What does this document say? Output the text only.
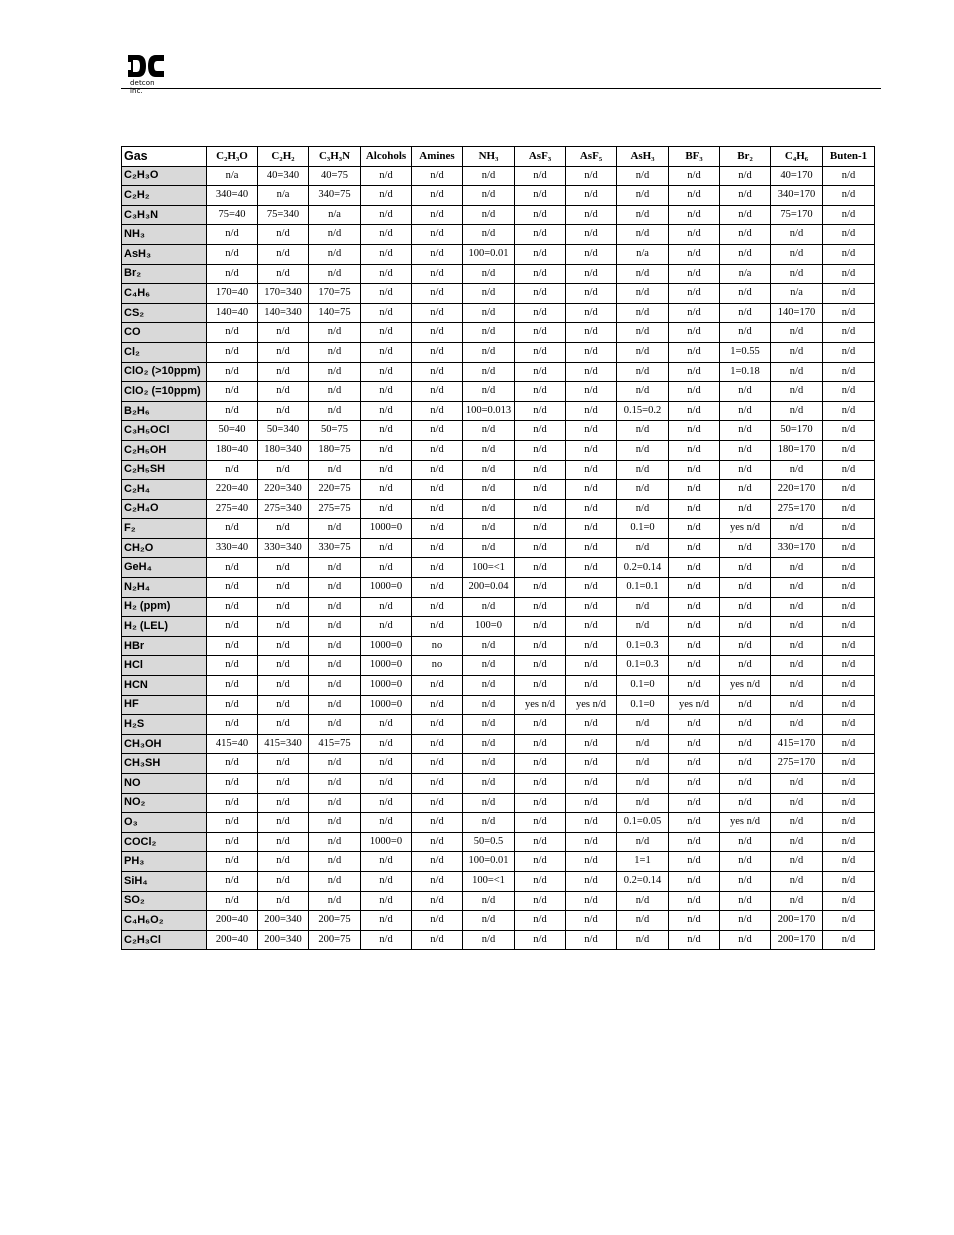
detcon inc.
Gas	C₂H₃O	C₂H₂	C₃H₃N	Alcohols	Amines	NH₃	AsF₃	AsF₅	AsH₃	BF₃	Br₂	C₄H₆	Buten-1
C₂H₃O	n/a	40=340	40=75	n/d	n/d	n/d	n/d	n/d	n/d	n/d	n/d	40=170	n/d
C₂H₂	340=40	n/a	340=75	n/d	n/d	n/d	n/d	n/d	n/d	n/d	n/d	340=170	n/d
C₃H₃N	75=40	75=340	n/a	n/d	n/d	n/d	n/d	n/d	n/d	n/d	n/d	75=170	n/d
NH₃	n/d	n/d	n/d	n/d	n/d	n/d	n/d	n/d	n/d	n/d	n/d	n/d	n/d
AsH₃	n/d	n/d	n/d	n/d	n/d	100=0.01	n/d	n/d	n/a	n/d	n/d	n/d	n/d
Br₂	n/d	n/d	n/d	n/d	n/d	n/d	n/d	n/d	n/d	n/d	n/a	n/d	n/d
C₄H₆	170=40	170=340	170=75	n/d	n/d	n/d	n/d	n/d	n/d	n/d	n/d	n/a	n/d
CS₂	140=40	140=340	140=75	n/d	n/d	n/d	n/d	n/d	n/d	n/d	n/d	140=170	n/d
CO	n/d	n/d	n/d	n/d	n/d	n/d	n/d	n/d	n/d	n/d	n/d	n/d	n/d
Cl₂	n/d	n/d	n/d	n/d	n/d	n/d	n/d	n/d	n/d	n/d	1=0.55	n/d	n/d
ClO₂ (>10ppm)	n/d	n/d	n/d	n/d	n/d	n/d	n/d	n/d	n/d	n/d	1=0.18	n/d	n/d
ClO₂ (=10ppm)	n/d	n/d	n/d	n/d	n/d	n/d	n/d	n/d	n/d	n/d	n/d	n/d	n/d
B₂H₆	n/d	n/d	n/d	n/d	n/d	100=0.013	n/d	n/d	0.15=0.2	n/d	n/d	n/d	n/d
C₃H₅OCl	50=40	50=340	50=75	n/d	n/d	n/d	n/d	n/d	n/d	n/d	n/d	50=170	n/d
C₂H₅OH	180=40	180=340	180=75	n/d	n/d	n/d	n/d	n/d	n/d	n/d	n/d	180=170	n/d
C₂H₅SH	n/d	n/d	n/d	n/d	n/d	n/d	n/d	n/d	n/d	n/d	n/d	n/d	n/d
C₂H₄	220=40	220=340	220=75	n/d	n/d	n/d	n/d	n/d	n/d	n/d	n/d	220=170	n/d
C₂H₄O	275=40	275=340	275=75	n/d	n/d	n/d	n/d	n/d	n/d	n/d	n/d	275=170	n/d
F₂	n/d	n/d	n/d	1000=0	n/d	n/d	n/d	n/d	0.1=0	n/d	yes n/d	n/d	n/d
CH₂O	330=40	330=340	330=75	n/d	n/d	n/d	n/d	n/d	n/d	n/d	n/d	330=170	n/d
GeH₄	n/d	n/d	n/d	n/d	n/d	100=<1	n/d	n/d	0.2=0.14	n/d	n/d	n/d	n/d
N₂H₄	n/d	n/d	n/d	1000=0	n/d	200=0.04	n/d	n/d	0.1=0.1	n/d	n/d	n/d	n/d
H₂ (ppm)	n/d	n/d	n/d	n/d	n/d	n/d	n/d	n/d	n/d	n/d	n/d	n/d	n/d
H₂ (LEL)	n/d	n/d	n/d	n/d	n/d	100=0	n/d	n/d	n/d	n/d	n/d	n/d	n/d
HBr	n/d	n/d	n/d	1000=0	no	n/d	n/d	n/d	0.1=0.3	n/d	n/d	n/d	n/d
HCl	n/d	n/d	n/d	1000=0	no	n/d	n/d	n/d	0.1=0.3	n/d	n/d	n/d	n/d
HCN	n/d	n/d	n/d	1000=0	n/d	n/d	n/d	n/d	0.1=0	n/d	yes n/d	n/d	n/d
HF	n/d	n/d	n/d	1000=0	n/d	n/d	yes n/d	yes n/d	0.1=0	yes n/d	n/d	n/d	n/d
H₂S	n/d	n/d	n/d	n/d	n/d	n/d	n/d	n/d	n/d	n/d	n/d	n/d	n/d
CH₃OH	415=40	415=340	415=75	n/d	n/d	n/d	n/d	n/d	n/d	n/d	n/d	415=170	n/d
CH₃SH	n/d	n/d	n/d	n/d	n/d	n/d	n/d	n/d	n/d	n/d	n/d	275=170	n/d
NO	n/d	n/d	n/d	n/d	n/d	n/d	n/d	n/d	n/d	n/d	n/d	n/d	n/d
NO₂	n/d	n/d	n/d	n/d	n/d	n/d	n/d	n/d	n/d	n/d	n/d	n/d	n/d
O₃	n/d	n/d	n/d	n/d	n/d	n/d	n/d	n/d	0.1=0.05	n/d	yes n/d	n/d	n/d
COCl₂	n/d	n/d	n/d	1000=0	n/d	50=0.5	n/d	n/d	n/d	n/d	n/d	n/d	n/d
PH₃	n/d	n/d	n/d	n/d	n/d	100=0.01	n/d	n/d	1=1	n/d	n/d	n/d	n/d
SiH₄	n/d	n/d	n/d	n/d	n/d	100=<1	n/d	n/d	0.2=0.14	n/d	n/d	n/d	n/d
SO₂	n/d	n/d	n/d	n/d	n/d	n/d	n/d	n/d	n/d	n/d	n/d	n/d	n/d
C₄H₆O₂	200=40	200=340	200=75	n/d	n/d	n/d	n/d	n/d	n/d	n/d	n/d	200=170	n/d
C₂H₃Cl	200=40	200=340	200=75	n/d	n/d	n/d	n/d	n/d	n/d	n/d	n/d	200=170	n/d
